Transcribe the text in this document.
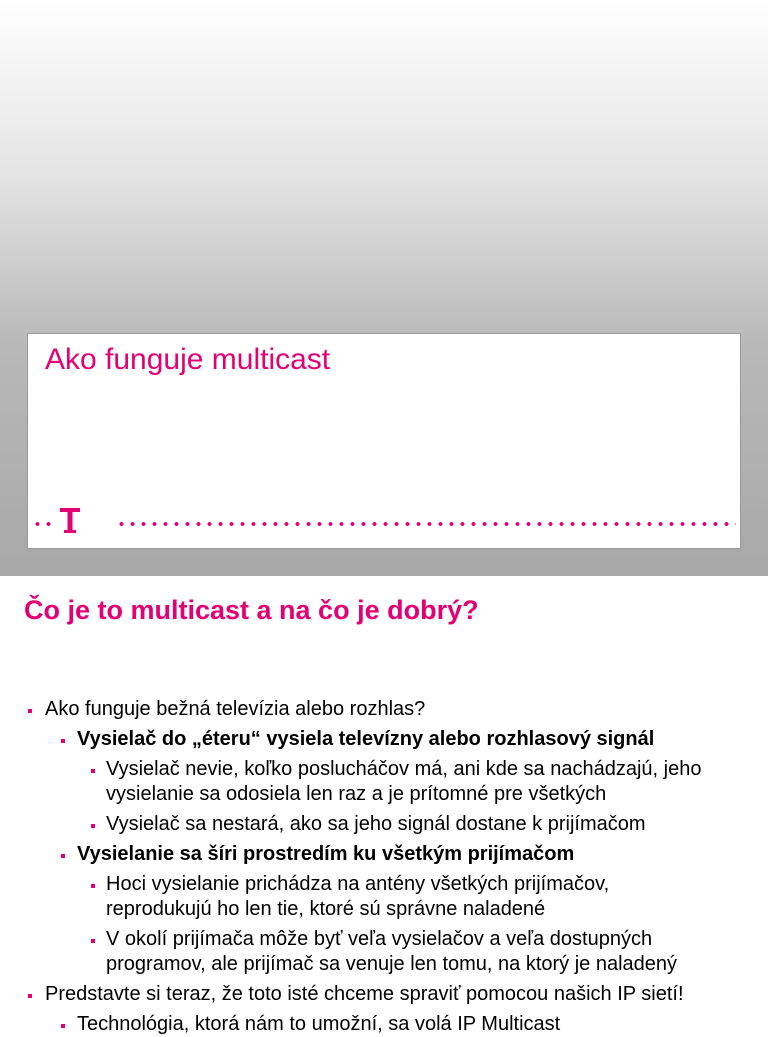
Ako funguje multicast
Čo je to multicast a na čo je dobrý?
Ako funguje bežná televízia alebo rozhlas?
Vysielač do „éteru“ vysiela televízny alebo rozhlasový signál
Vysielač nevie, koľko poslucháčov má, ani kde sa nachádzajú, jeho
vysielanie sa odosiela len raz a je prítomné pre všetkých
Vysielač sa nestará, ako sa jeho signál dostane k prijímačom
Vysielanie sa šíri prostredím ku všetkým prijímačom
Hoci vysielanie prichádza na antény všetkých prijímačov,
reprodukujú ho len tie, ktoré sú správne naladené
V okolí prijímača môže byť veľa vysielačov a veľa dostupných
programov, ale prijímač sa venuje len tomu, na ktorý je naladený
Predstavte si teraz, že toto isté chceme spraviť pomocou našich IP sietí!
Technológia, ktorá nám to umožní, sa volá IP Multicast
